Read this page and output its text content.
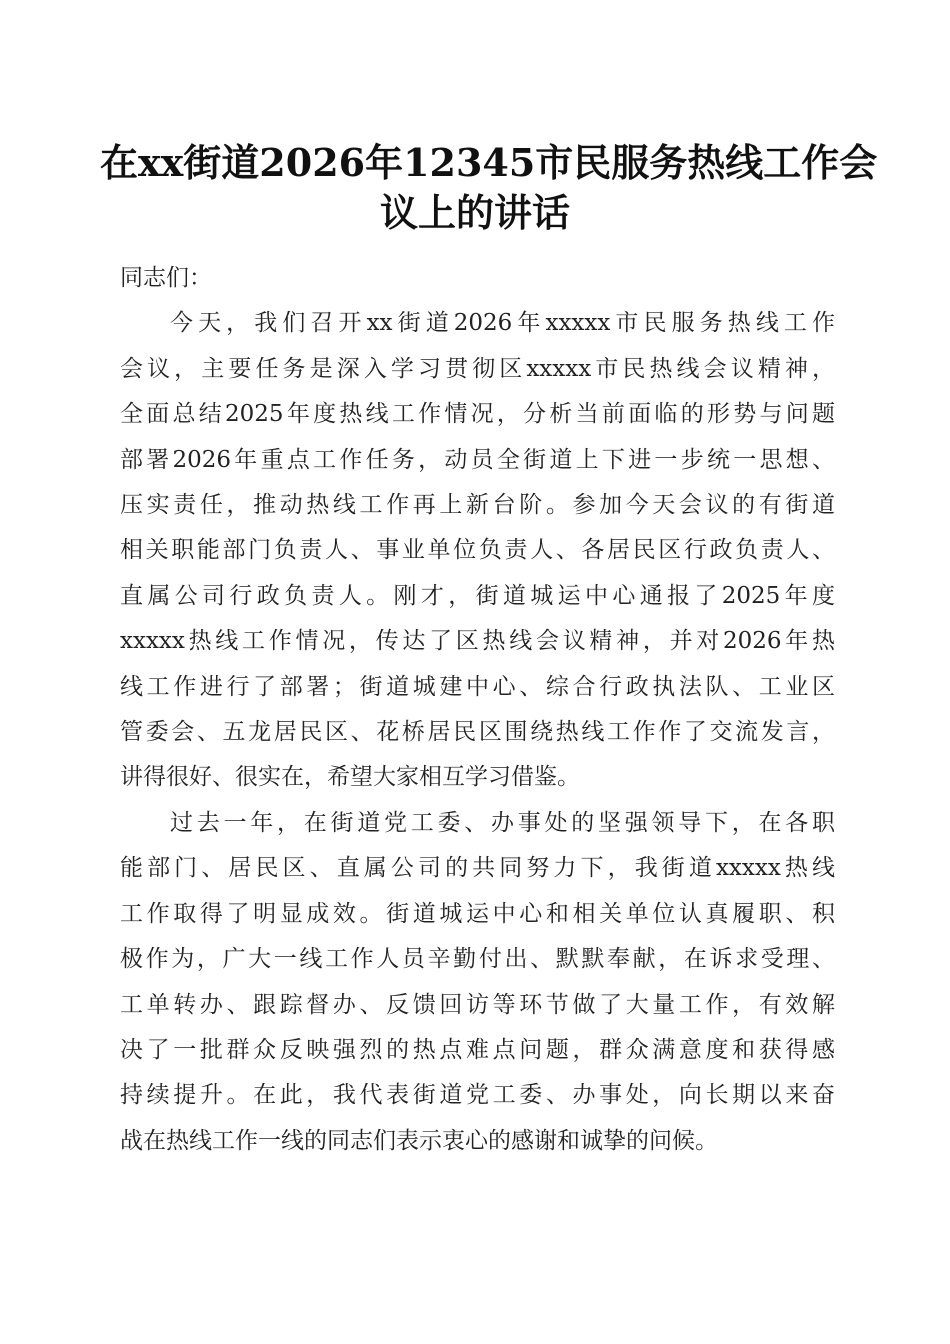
在xx街道2026年12345市民服务热线工作会
议上的讲话

同志们：

今天，我们召开xx街道2026年xxxxx市民服务热线工作
会议，主要任务是深入学习贯彻区xxxxx市民热线会议精神，
全面总结2025年度热线工作情况，分析当前面临的形势与问题
部署2026年重点工作任务，动员全街道上下进一步统一思想、
压实责任，推动热线工作再上新台阶。参加今天会议的有街道
相关职能部门负责人、事业单位负责人、各居民区行政负责人、
直属公司行政负责人。刚才，街道城运中心通报了2025年度
xxxxx热线工作情况，传达了区热线会议精神，并对2026年热
线工作进行了部署；街道城建中心、综合行政执法队、工业区
管委会、五龙居民区、花桥居民区围绕热线工作作了交流发言，
讲得很好、很实在，希望大家相互学习借鉴。

过去一年，在街道党工委、办事处的坚强领导下，在各职
能部门、居民区、直属公司的共同努力下，我街道xxxxx热线
工作取得了明显成效。街道城运中心和相关单位认真履职、积
极作为，广大一线工作人员辛勤付出、默默奉献，在诉求受理、
工单转办、跟踪督办、反馈回访等环节做了大量工作，有效解
决了一批群众反映强烈的热点难点问题，群众满意度和获得感
持续提升。在此，我代表街道党工委、办事处，向长期以来奋
战在热线工作一线的同志们表示衷心的感谢和诚挚的问候。
